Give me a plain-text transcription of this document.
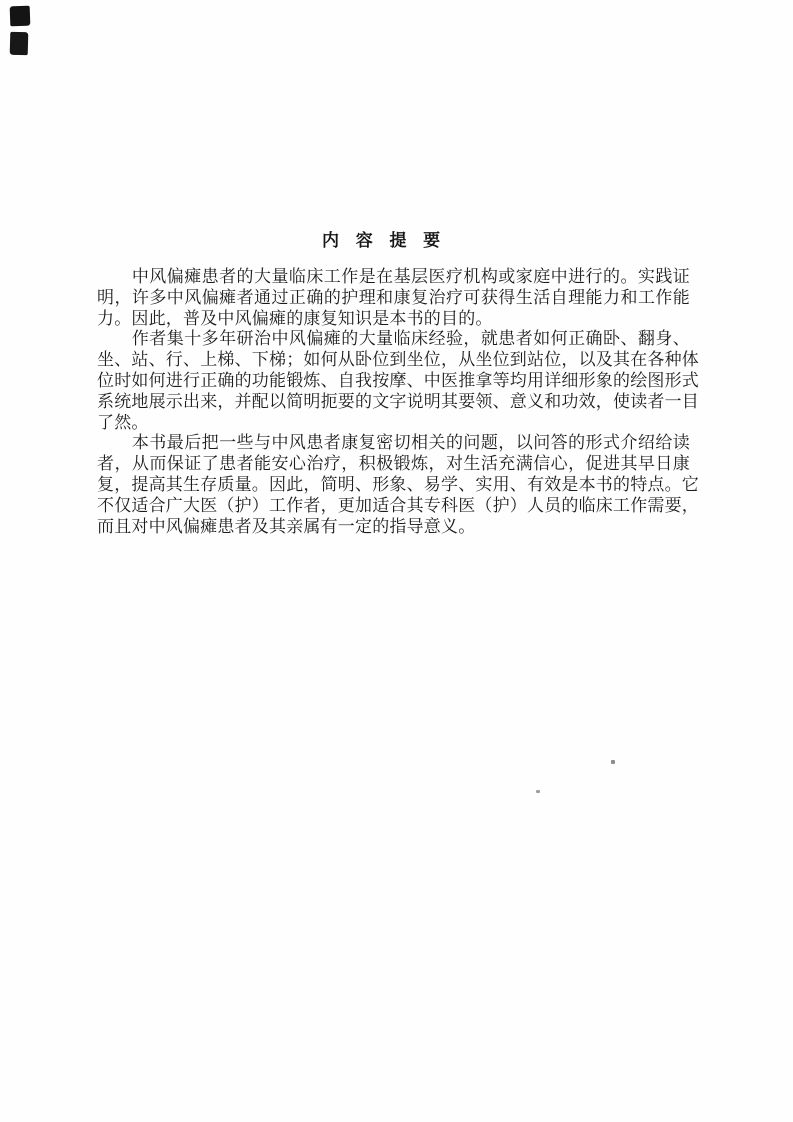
内 容 提 要
中风偏瘫患者的大量临床工作是在基层医疗机构或家庭中进行的。实践证
明，许多中风偏瘫者通过正确的护理和康复治疗可获得生活自理能力和工作能
力。因此，普及中风偏瘫的康复知识是本书的目的。
作者集十多年研治中风偏瘫的大量临床经验，就患者如何正确卧、翻身、
坐、站、行、上梯、下梯；如何从卧位到坐位，从坐位到站位，以及其在各种体
位时如何进行正确的功能锻炼、自我按摩、中医推拿等均用详细形象的绘图形式
系统地展示出来，并配以简明扼要的文字说明其要领、意义和功效，使读者一目
了然。
本书最后把一些与中风患者康复密切相关的问题，以问答的形式介绍给读
者，从而保证了患者能安心治疗，积极锻炼，对生活充满信心，促进其早日康
复，提高其生存质量。因此，简明、形象、易学、实用、有效是本书的特点。它
不仅适合广大医（护）工作者，更加适合其专科医（护）人员的临床工作需要，
而且对中风偏瘫患者及其亲属有一定的指导意义。
